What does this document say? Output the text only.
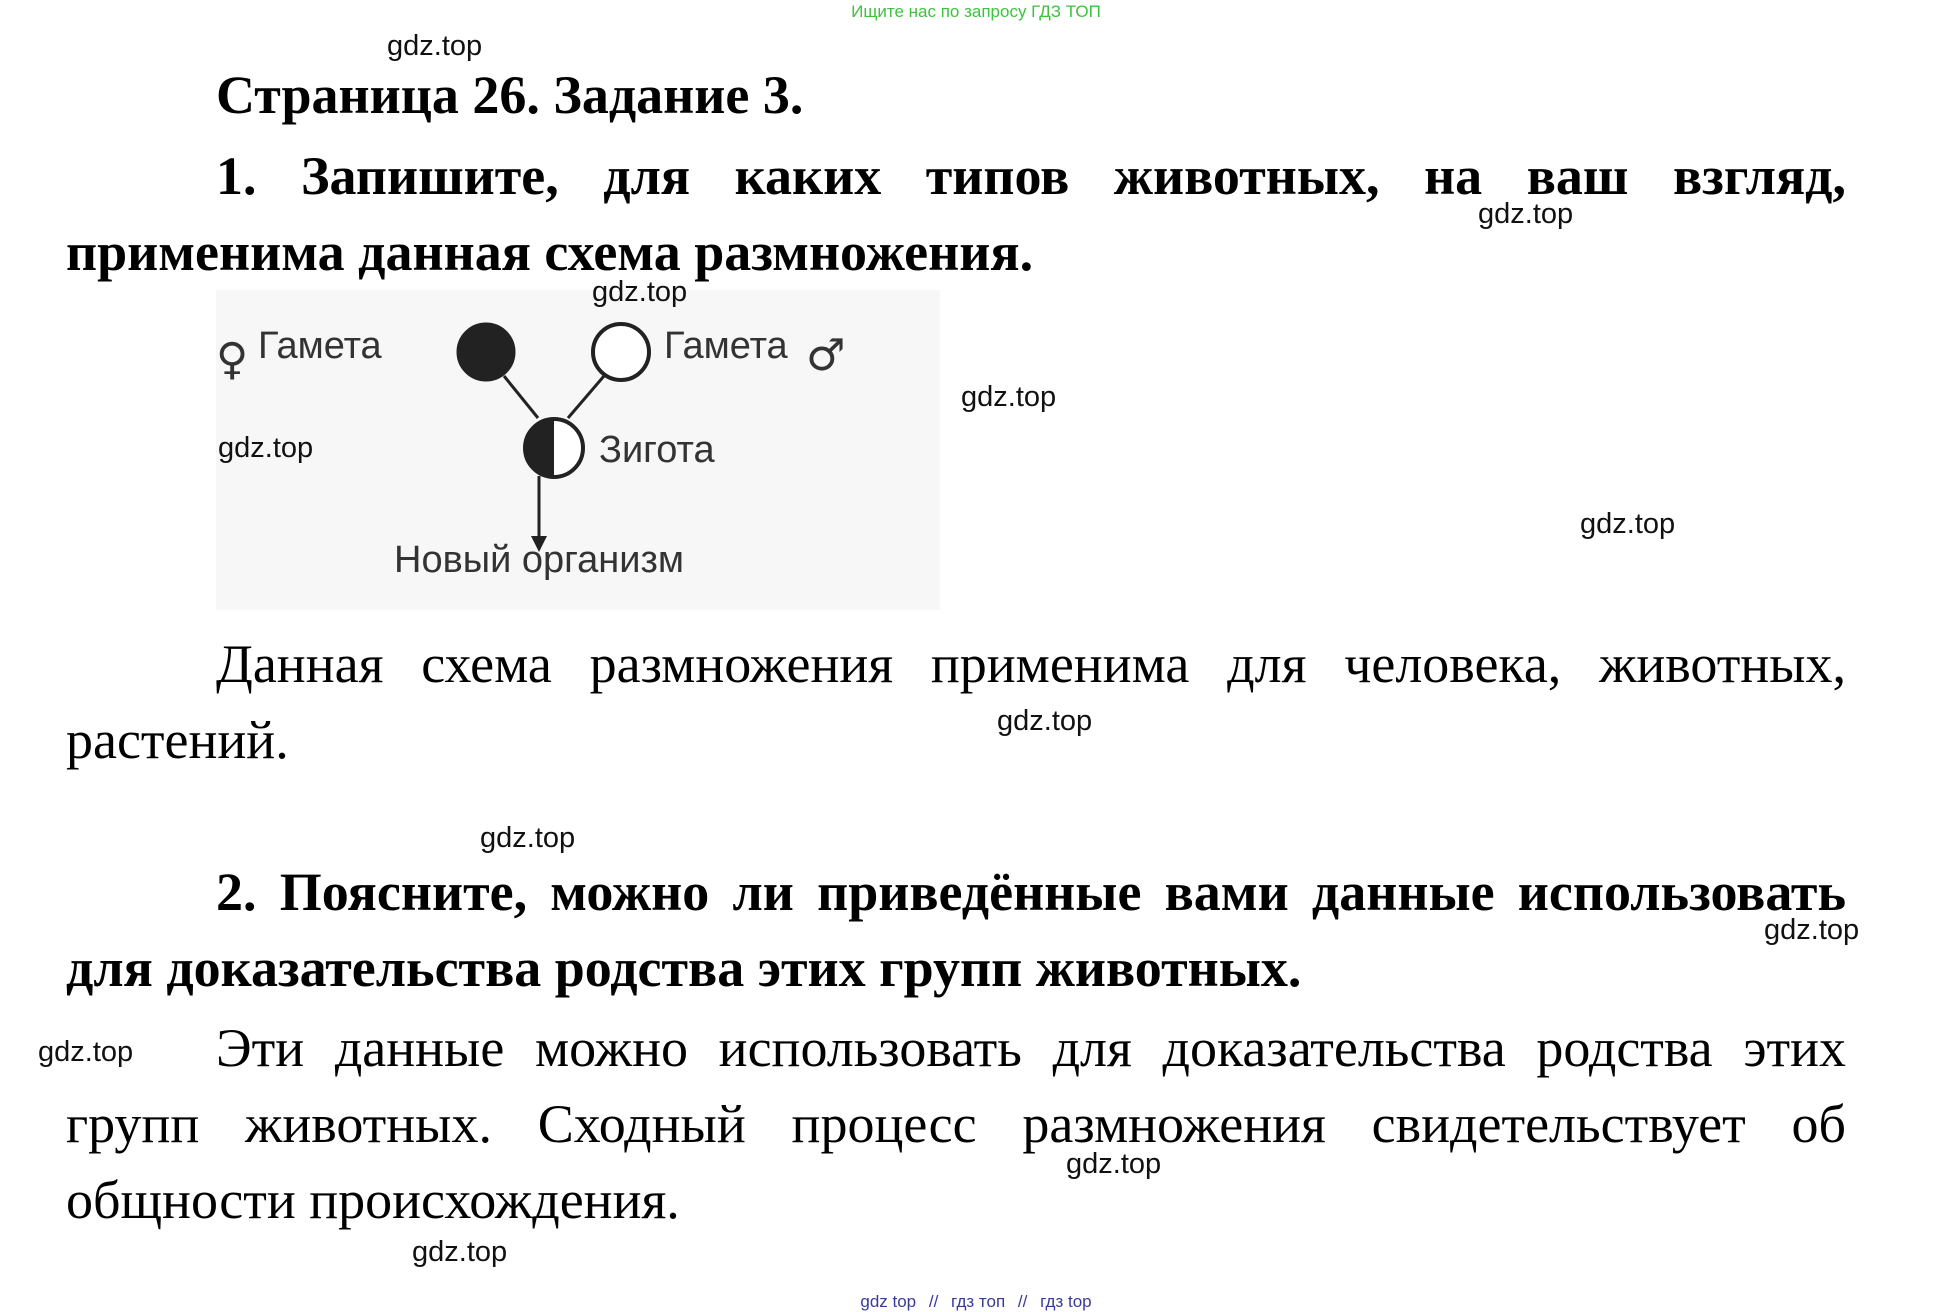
Ищите нас по запросу ГДЗ ТОП
Страница 26. Задание 3.
1. Запишите, для каких типов животных, на ваш взгляд, применима данная схема размножения.
♀ Гамета	Гамета ♂
Зигота
Новый организм
Данная схема размножения применима для человека, животных, растений.
2. Поясните, можно ли приведённые вами данные использовать для доказательства родства этих групп животных.
Эти данные можно использовать для доказательства родства этих групп животных. Сходный процесс размножения свидетельствует об общности происхождения.
gdz.top
gdz.top
gdz.top
gdz.top
gdz.top
gdz.top
gdz.top
gdz.top
gdz.top
gdz.top
gdz.top
gdz.top
gdz top // гдз топ // гдз top
